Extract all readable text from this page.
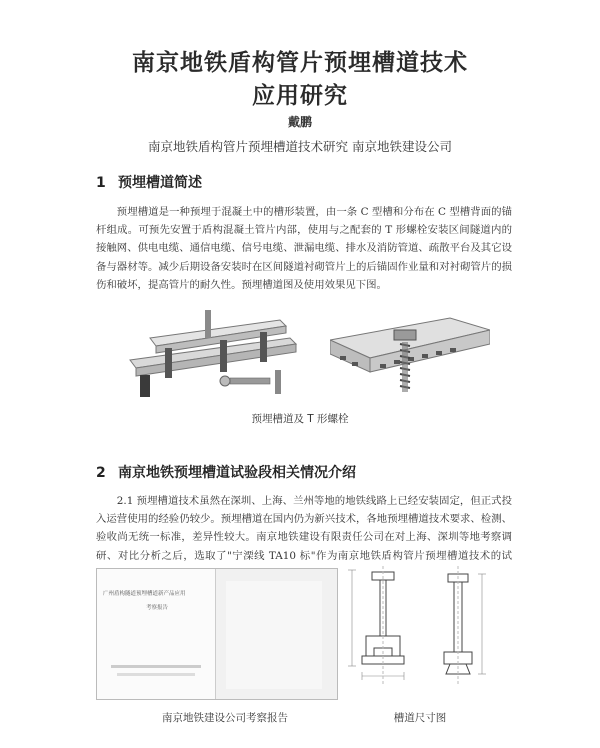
南京地铁盾构管片预埋槽道技术
应用研究
戴鹏
南京地铁盾构管片预埋槽道技术研究 南京地铁建设公司
1 预埋槽道简述
预埋槽道是一种预埋于混凝土中的槽形装置，由一条 C 型槽和分布在 C 型槽背面的锚杆组成。可预先安置于盾构混凝土管片内部，使用与之配套的 T 形螺栓安装区间隧道内的接触网、供电电缆、通信电缆、信号电缆、泄漏电缆、排水及消防管道、疏散平台及其它设备与器材等。减少后期设备安装时在区间隧道衬砌管片上的后锚固作业量和对衬砌管片的损伤和破坏，提高管片的耐久性。预埋槽道图及使用效果见下图。
预埋槽道及 T 形螺栓
2 南京地铁预埋槽道试验段相关情况介绍
2.1 预埋槽道技术虽然在深圳、上海、兰州等地的地铁线路上已经安装固定，但正式投入运营使用的经验仍较少。预埋槽道在国内仍为新兴技术，各地预埋槽道技术要求、检测、验收尚无统一标准，差异性较大。南京地铁建设有限责任公司在对上海、深圳等地考察调研、对比分析之后，选取了"宁溧线 TA10 标"作为南京地铁盾构管片预埋槽道技术的试
广州盾构隧道预埋槽道新产品应用
考察报告
南京地铁建设公司考察报告	槽道尺寸图
